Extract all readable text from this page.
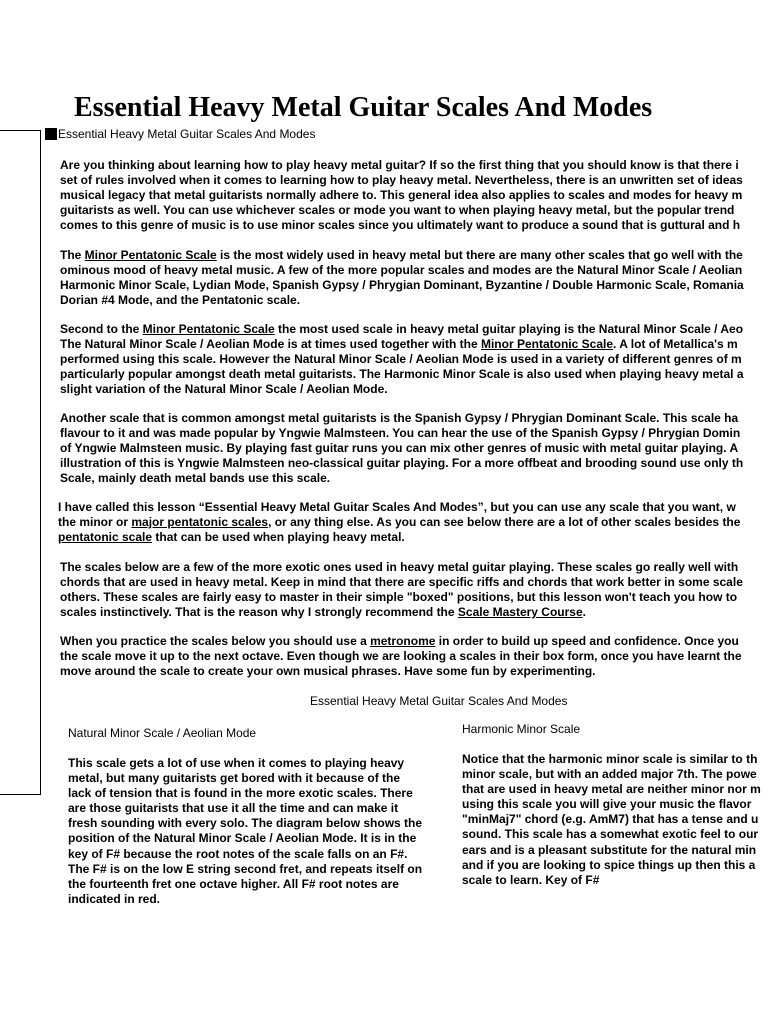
Essential Heavy Metal Guitar Scales And Modes
Essential Heavy Metal Guitar Scales And Modes
Are you thinking about learning how to play heavy metal guitar? If so the first thing that you should know is that there i
set of rules involved when it comes to learning how to play heavy metal. Nevertheless, there is an unwritten set of ideas
musical legacy that metal guitarists normally adhere to. This general idea also applies to scales and modes for heavy m
guitarists as well. You can use whichever scales or mode you want to when playing heavy metal, but the popular trend
comes to this genre of music is to use minor scales since you ultimately want to produce a sound that is guttural and h
The Minor Pentatonic Scale is the most widely used in heavy metal but there are many other scales that go well with the
ominous mood of heavy metal music. A few of the more popular scales and modes are the Natural Minor Scale / Aeolian
Harmonic Minor Scale, Lydian Mode, Spanish Gypsy / Phrygian Dominant, Byzantine / Double Harmonic Scale, Romania
Dorian #4 Mode, and the Pentatonic scale.
Second to the Minor Pentatonic Scale the most used scale in heavy metal guitar playing is the Natural Minor Scale / Aeo
The Natural Minor Scale / Aeolian Mode is at times used together with the Minor Pentatonic Scale. A lot of Metallica's m
performed using this scale. However the Natural Minor Scale / Aeolian Mode is used in a variety of different genres of m
particularly popular amongst death metal guitarists. The Harmonic Minor Scale is also used when playing heavy metal a
slight variation of the Natural Minor Scale / Aeolian Mode.
Another scale that is common amongst metal guitarists is the Spanish Gypsy / Phrygian Dominant Scale. This scale ha
flavour to it and was made popular by Yngwie Malmsteen. You can hear the use of the Spanish Gypsy / Phrygian Domin
of Yngwie Malmsteen music. By playing fast guitar runs you can mix other genres of music with metal guitar playing. A
illustration of this is Yngwie Malmsteen neo-classical guitar playing. For a more offbeat and brooding sound use only th
Scale, mainly death metal bands use this scale.
I have called this lesson “Essential Heavy Metal Guitar Scales And Modes”, but you can use any scale that you want, w
the minor or major pentatonic scales, or any thing else. As you can see below there are a lot of other scales besides the
pentatonic scale that can be used when playing heavy metal.
The scales below are a few of the more exotic ones used in heavy metal guitar playing. These scales go really well with
chords that are used in heavy metal. Keep in mind that there are specific riffs and chords that work better in some scale
others. These scales are fairly easy to master in their simple "boxed" positions, but this lesson won't teach you how to
scales instinctively. That is the reason why I strongly recommend the Scale Mastery Course.
When you practice the scales below you should use a metronome in order to build up speed and confidence. Once you
the scale move it up to the next octave. Even though we are looking a scales in their box form, once you have learnt the
move around the scale to create your own musical phrases. Have some fun by experimenting.
Essential Heavy Metal Guitar Scales And Modes
Natural Minor Scale / Aeolian Mode
This scale gets a lot of use when it comes to playing heavy
metal, but many guitarists get bored with it because of the
lack of tension that is found in the more exotic scales. There
are those guitarists that use it all the time and can make it
fresh sounding with every solo. The diagram below shows the
position of the Natural Minor Scale / Aeolian Mode. It is in the
key of F# because the root notes of the scale falls on an F#.
The F# is on the low E string second fret, and repeats itself on
the fourteenth fret one octave higher. All F# root notes are
indicated in red.
Harmonic Minor Scale
Notice that the harmonic minor scale is similar to th
minor scale, but with an added major 7th. The powe
that are used in heavy metal are neither minor nor m
using this scale you will give your music the flavor
"minMaj7" chord (e.g. AmM7) that has a tense and u
sound. This scale has a somewhat exotic feel to our
ears and is a pleasant substitute for the natural min
and if you are looking to spice things up then this a
scale to learn. Key of F#
